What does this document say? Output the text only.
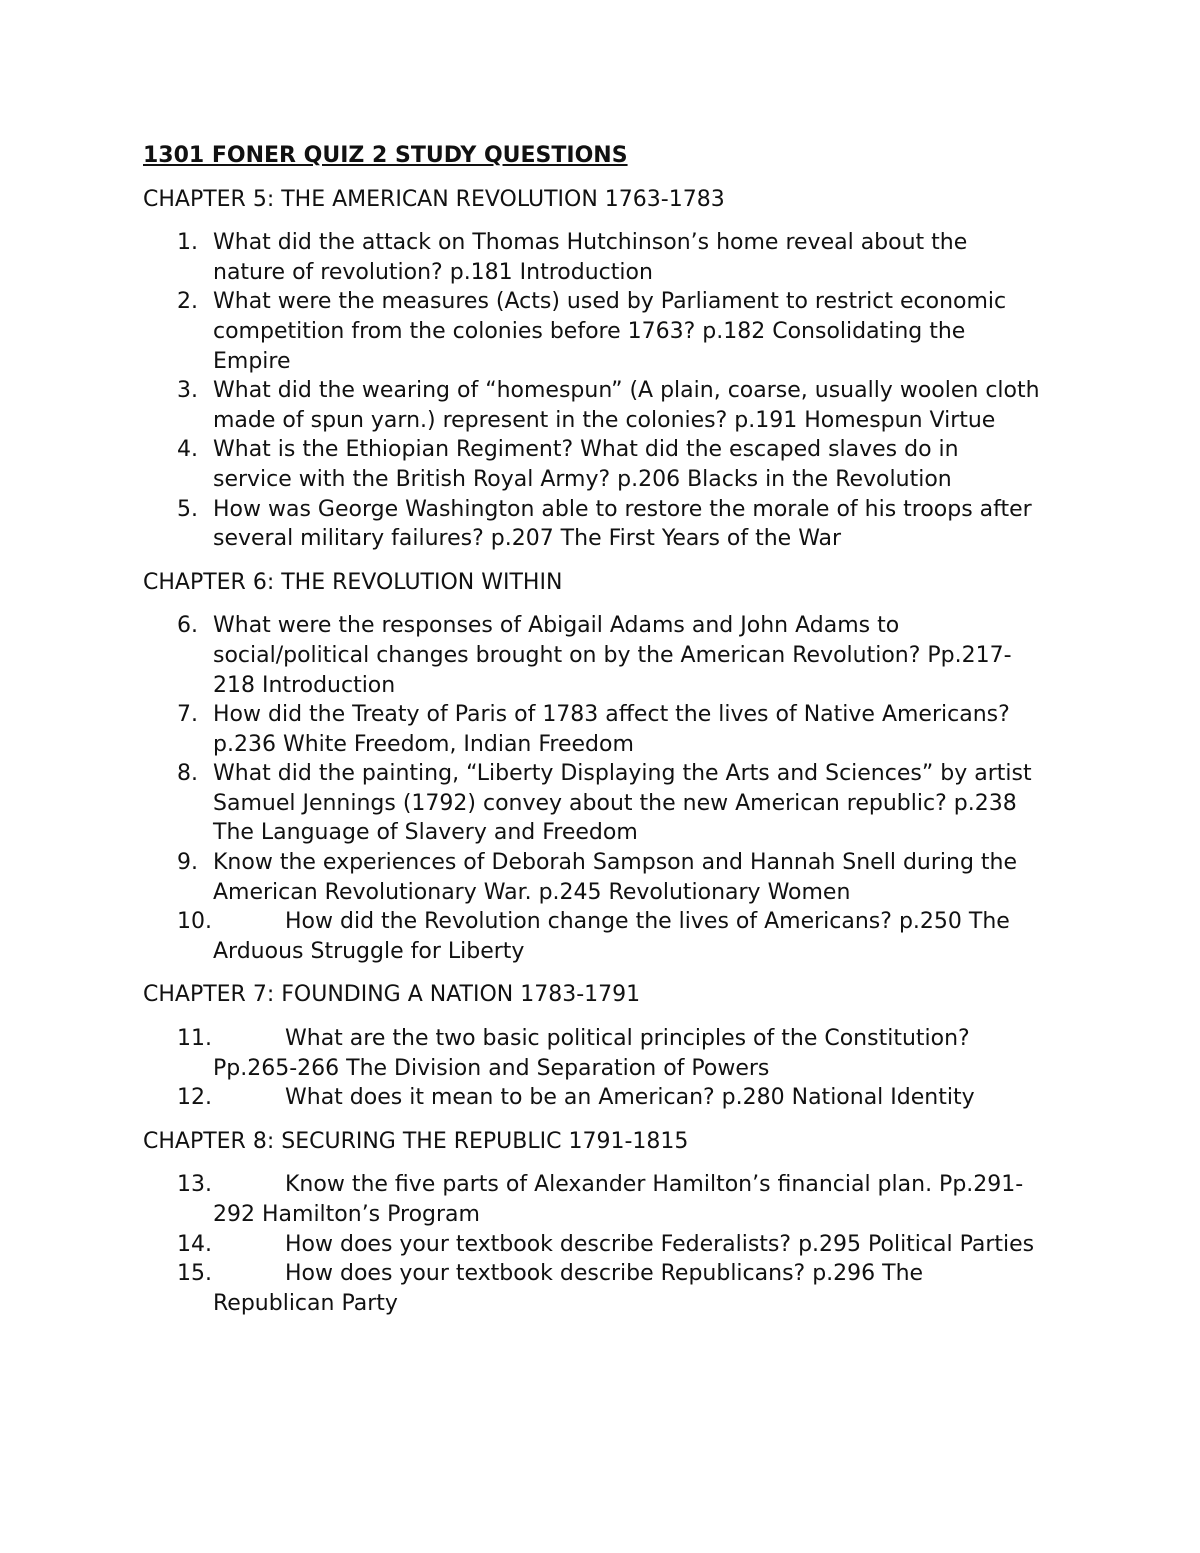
1301 FONER QUIZ 2 STUDY QUESTIONS
CHAPTER 5: THE AMERICAN REVOLUTION 1763-1783
1. What did the attack on Thomas Hutchinson’s home reveal about the nature of revolution? p.181 Introduction
2. What were the measures (Acts) used by Parliament to restrict economic competition from the colonies before 1763? p.182 Consolidating the Empire
3. What did the wearing of “homespun” (A plain, coarse, usually woolen cloth made of spun yarn.) represent in the colonies? p.191 Homespun Virtue
4. What is the Ethiopian Regiment? What did the escaped slaves do in service with the British Royal Army? p.206 Blacks in the Revolution
5. How was George Washington able to restore the morale of his troops after several military failures? p.207 The First Years of the War
CHAPTER 6: THE REVOLUTION WITHIN
6. What were the responses of Abigail Adams and John Adams to social/political changes brought on by the American Revolution? Pp.217-218 Introduction
7. How did the Treaty of Paris of 1783 affect the lives of Native Americans? p.236 White Freedom, Indian Freedom
8. What did the painting, “Liberty Displaying the Arts and Sciences” by artist Samuel Jennings (1792) convey about the new American republic? p.238 The Language of Slavery and Freedom
9. Know the experiences of Deborah Sampson and Hannah Snell during the American Revolutionary War. p.245 Revolutionary Women
10.	How did the Revolution change the lives of Americans? p.250 The Arduous Struggle for Liberty
CHAPTER 7: FOUNDING A NATION 1783-1791
11.	What are the two basic political principles of the Constitution? Pp.265-266 The Division and Separation of Powers
12.	What does it mean to be an American? p.280 National Identity
CHAPTER 8: SECURING THE REPUBLIC 1791-1815
13.	Know the five parts of Alexander Hamilton’s financial plan. Pp.291-292 Hamilton’s Program
14.	How does your textbook describe Federalists? p.295 Political Parties
15.	How does your textbook describe Republicans? p.296 The Republican Party
